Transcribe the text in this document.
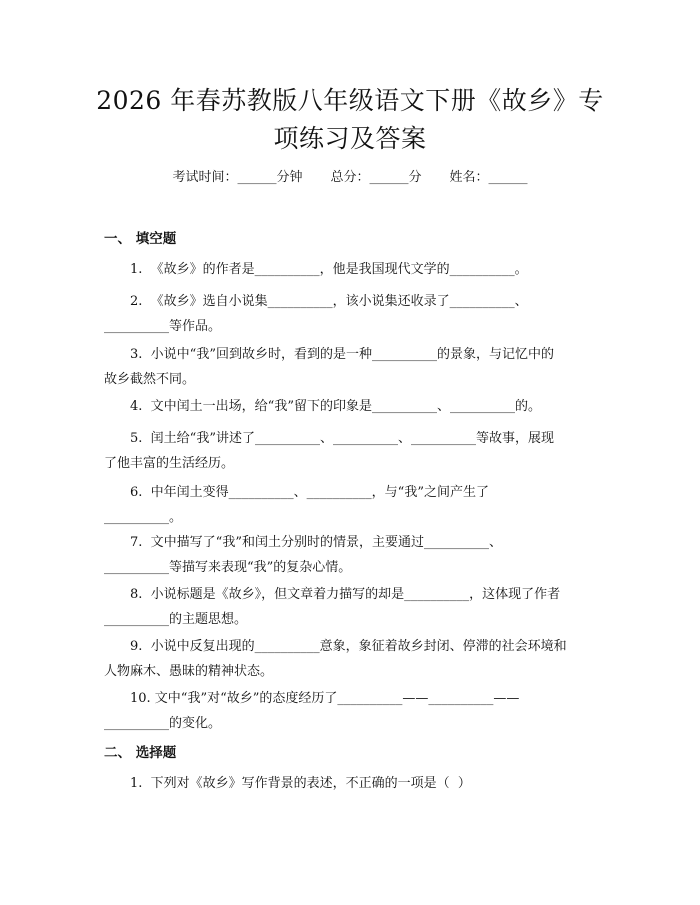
2026 年春苏教版八年级语文下册《故乡》专
项练习及答案
考试时间：______分钟 总分：______分 姓名：______
一、 填空题
1.  《故乡》的作者是__________，他是我国现代文学的__________。
2.  《故乡》选自小说集__________，该小说集还收录了__________、
__________等作品。
3.  小说中“我”回到故乡时，看到的是一种__________的景象，与记忆中的
故乡截然不同。
4.  文中闰土一出场，给“我”留下的印象是__________、__________的。
5.  闰土给“我”讲述了__________、__________、__________等故事，展现
了他丰富的生活经历。
6.  中年闰土变得__________、__________，与“我”之间产生了
__________。
7.  文中描写了“我”和闰土分别时的情景，主要通过__________、
__________等描写来表现“我”的复杂心情。
8.  小说标题是《故乡》，但文章着力描写的却是__________，这体现了作者
__________的主题思想。
9.  小说中反复出现的__________意象，象征着故乡封闭、停滞的社会环境和
人物麻木、愚昧的精神状态。
10. 文中“我”对“故乡”的态度经历了__________——__________——
__________的变化。
二、 选择题
1.  下列对《故乡》写作背景的表述，不正确的一项是（  ）
